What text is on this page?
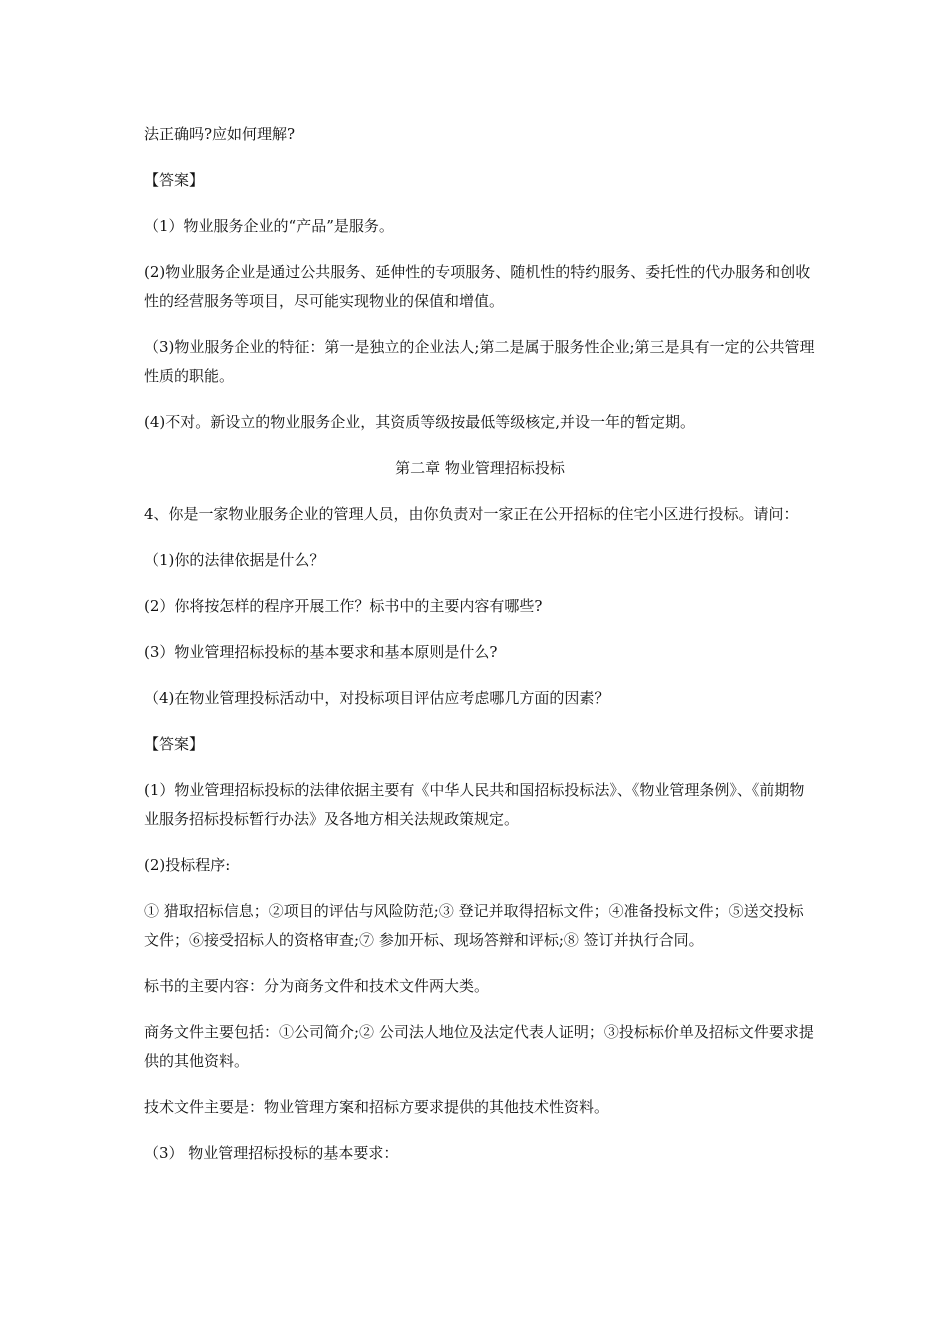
法正确吗?应如何理解?

【答案】

（1）物业服务企业的“产品”是服务。

(2)物业服务企业是通过公共服务、延伸性的专项服务、随机性的特约服务、委托性的代办服务和创收性的经营服务等项目，尽可能实现物业的保值和增值。

（3)物业服务企业的特征：第一是独立的企业法人;第二是属于服务性企业;第三是具有一定的公共管理性质的职能。

(4)不对。新设立的物业服务企业，其资质等级按最低等级核定,并设一年的暂定期。

第二章 物业管理招标投标

4、你是一家物业服务企业的管理人员，由你负责对一家正在公开招标的住宅小区进行投标。请问：

（1)你的法律依据是什么？

(2）你将按怎样的程序开展工作？标书中的主要内容有哪些?

(3）物业管理招标投标的基本要求和基本原则是什么?

（4)在物业管理投标活动中，对投标项目评估应考虑哪几方面的因素？

【答案】

(1）物业管理招标投标的法律依据主要有《中华人民共和国招标投标法》、《物业管理条例》、《前期物业服务招标投标暂行办法》及各地方相关法规政策规定。

(2)投标程序:

① 猎取招标信息；②项目的评估与风险防范;③ 登记并取得招标文件；④准备投标文件；⑤送交投标文件；⑥接受招标人的资格审查;⑦ 参加开标、现场答辩和评标;⑧ 签订并执行合同。

标书的主要内容：分为商务文件和技术文件两大类。

商务文件主要包括：①公司简介;② 公司法人地位及法定代表人证明；③投标标价单及招标文件要求提供的其他资料。

技术文件主要是：物业管理方案和招标方要求提供的其他技术性资料。

（3） 物业管理招标投标的基本要求：
